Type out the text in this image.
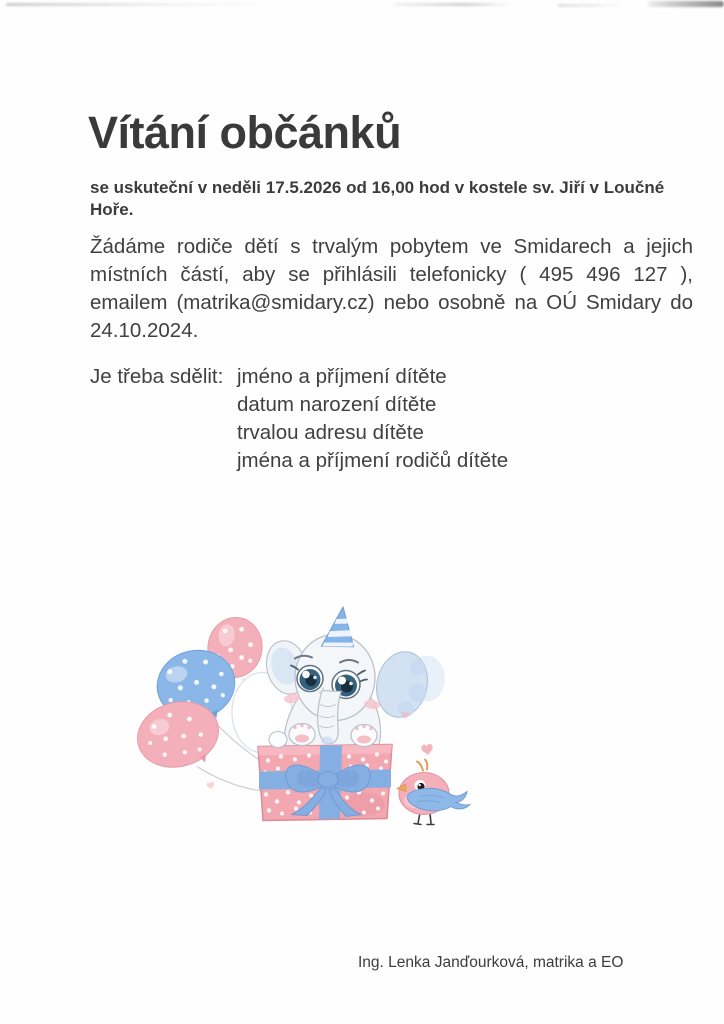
Vítání občánků
se uskuteční v neděli 17.5.2026 od 16,00 hod v kostele sv. Jiří v Loučné Hoře.
Žádáme rodiče dětí s trvalým pobytem ve Smidarech a jejich místních částí, aby se přihlásili telefonicky ( 495 496 127 ), emailem (matrika@smidary.cz) nebo osobně na OÚ Smidary do 24.10.2024.
Je třeba sdělit: jméno a příjmení dítěte
datum narození dítěte
trvalou adresu dítěte
jména a příjmení rodičů dítěte
Ing. Lenka Janďourková, matrika a EO
